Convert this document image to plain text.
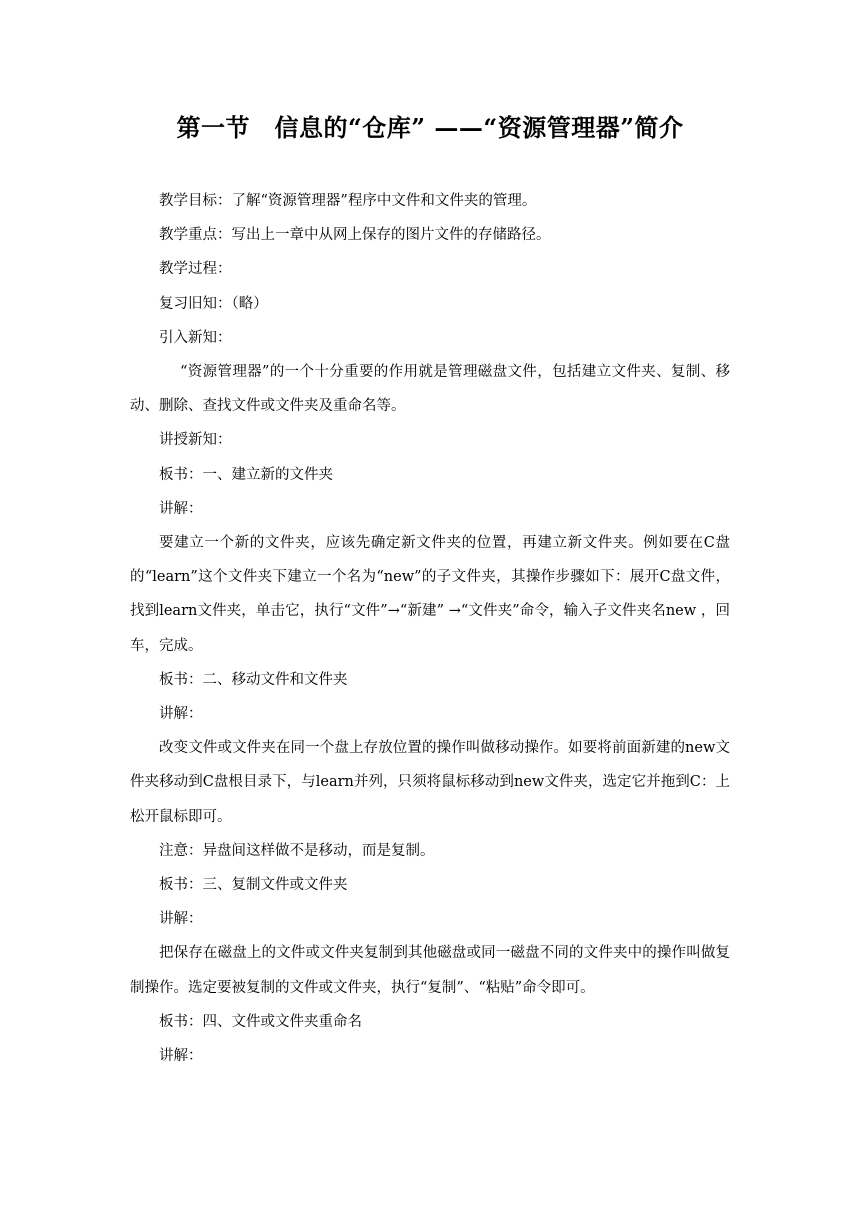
第一节　信息的“仓库” ——“资源管理器”简介

教学目标：了解“资源管理器”程序中文件和文件夹的管理。

教学重点：写出上一章中从网上保存的图片文件的存储路径。

教学过程：

复习旧知：（略）

引入新知：

“资源管理器”的一个十分重要的作用就是管理磁盘文件，包括建立文件夹、复制、移动、删除、查找文件或文件夹及重命名等。

讲授新知：

板书：一、建立新的文件夹

讲解：

要建立一个新的文件夹，应该先确定新文件夹的位置，再建立新文件夹。例如要在C盘的“learn”这个文件夹下建立一个名为“new”的子文件夹，其操作步骤如下：展开C盘文件，找到learn文件夹，单击它，执行“文件”→“新建” →“文件夹”命令，输入子文件夹名new ，回车，完成。

板书：二、移动文件和文件夹

讲解：

改变文件或文件夹在同一个盘上存放位置的操作叫做移动操作。如要将前面新建的new文件夹移动到C盘根目录下，与learn并列，只须将鼠标移动到new文件夹，选定它并拖到C：上松开鼠标即可。

注意：异盘间这样做不是移动，而是复制。

板书：三、复制文件或文件夹

讲解：

把保存在磁盘上的文件或文件夹复制到其他磁盘或同一磁盘不同的文件夹中的操作叫做复制操作。选定要被复制的文件或文件夹，执行“复制”、“粘贴”命令即可。

板书：四、文件或文件夹重命名

讲解：
